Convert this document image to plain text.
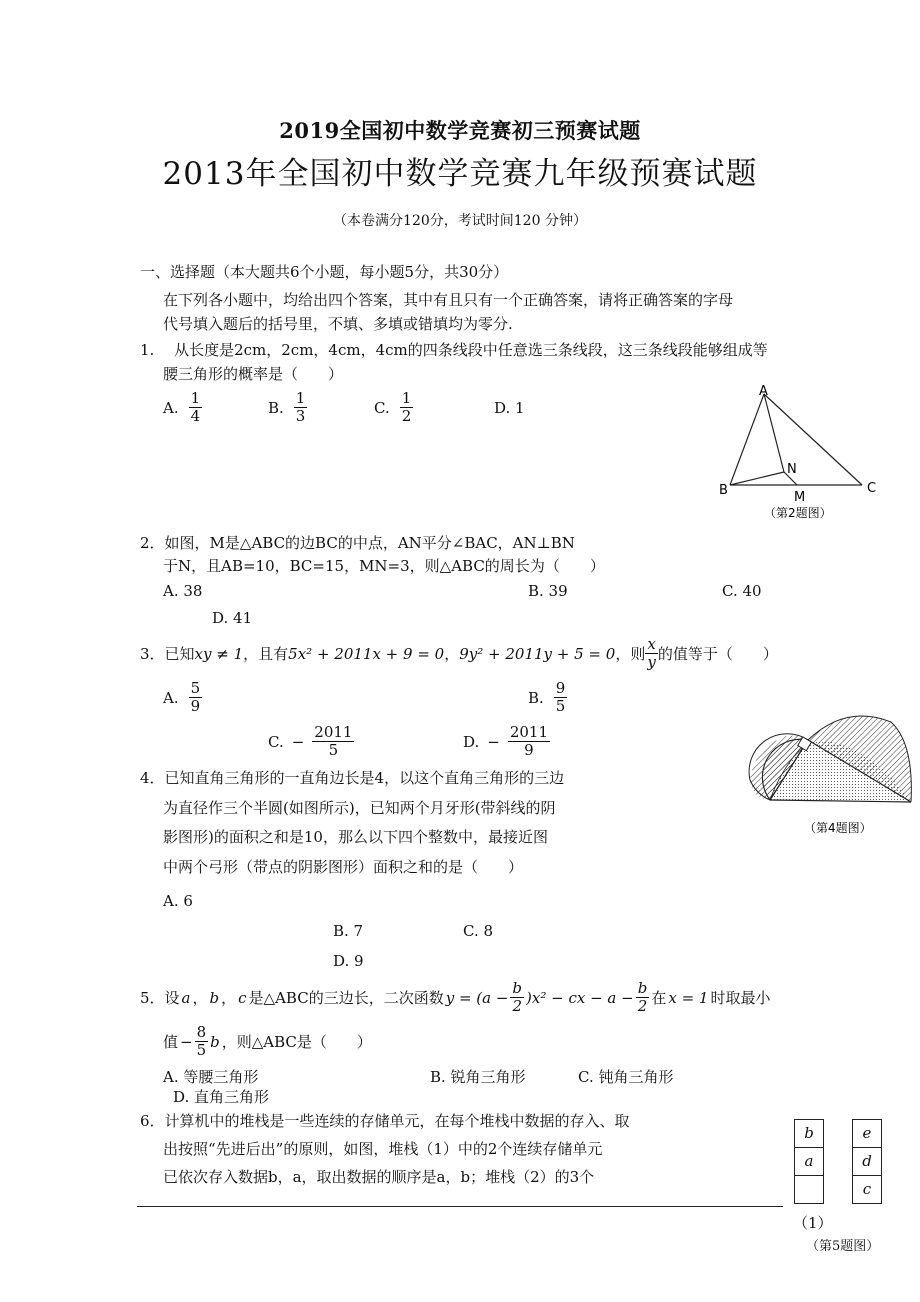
2019全国初中数学竞赛初三预赛试题
2013年全国初中数学竞赛九年级预赛试题
（本卷满分120分，考试时间120 分钟）
一、选择题（本大题共6个小题，每小题5分，共30分）
在下列各小题中，均给出四个答案，其中有且只有一个正确答案，请将正确答案的字母
代号填入题后的括号里，不填、多填或错填均为零分.
1.　 从长度是2cm，2cm，4cm，4cm的四条线段中任意选三条线段，这三条线段能够组成等
腰三角形的概率是（　　）
A. $\frac{1}{4}$	B. $\frac{1}{3}$	C. $\frac{1}{2}$	D. 1
A
B	C
M
N
（第2题图）
2．如图，M是△ABC的边BC的中点，AN平分∠BAC，AN⊥BN
于N，且AB=10，BC=15，MN=3，则△ABC的周长为（　　）
A. 38	B. 39	C. 40
D. 41
3．已知 xy ≠ 1 ，且有 5x² + 2011x + 9 = 0 ， 9y² + 2011y + 5 = 0 ，则 $\frac{x}{y}$ 的值等于（　　）
A. $\frac{5}{9}$	B. $\frac{9}{5}$
C. − $\frac{2011}{5}$	D. − $\frac{2011}{9}$
（第4题图）
4．已知直角三角形的一直角边长是4，以这个直角三角形的三边
为直径作三个半圆(如图所示)，已知两个月牙形(带斜线的阴
影图形)的面积之和是10，那么以下四个整数中，最接近图
中两个弓形（带点的阴影图形）面积之和的是（　　）
A. 6
B. 7	C. 8
D. 9
5．设 a ， b ， c 是△ABC的三边长，二次函数 $y = (a - \frac{b}{2} )x^2$ − cx − $a - \frac{b}{2}$ 在 x = 1 时取最小
值 − $\frac{8}{5}$ b ，则△ABC是（　　）
A. 等腰三角形	B. 锐角三角形	C. 钝角三角形
D. 直角三角形
6．计算机中的堆栈是一些连续的存储单元，在每个堆栈中数据的存入、取
出按照“先进后出”的原则，如图，堆栈（1）中的2个连续存储单元
已依次存入数据b，a，取出数据的顺序是a，b；堆栈（2）的3个
b
a
e
d
c
（1）
（第5题图）
